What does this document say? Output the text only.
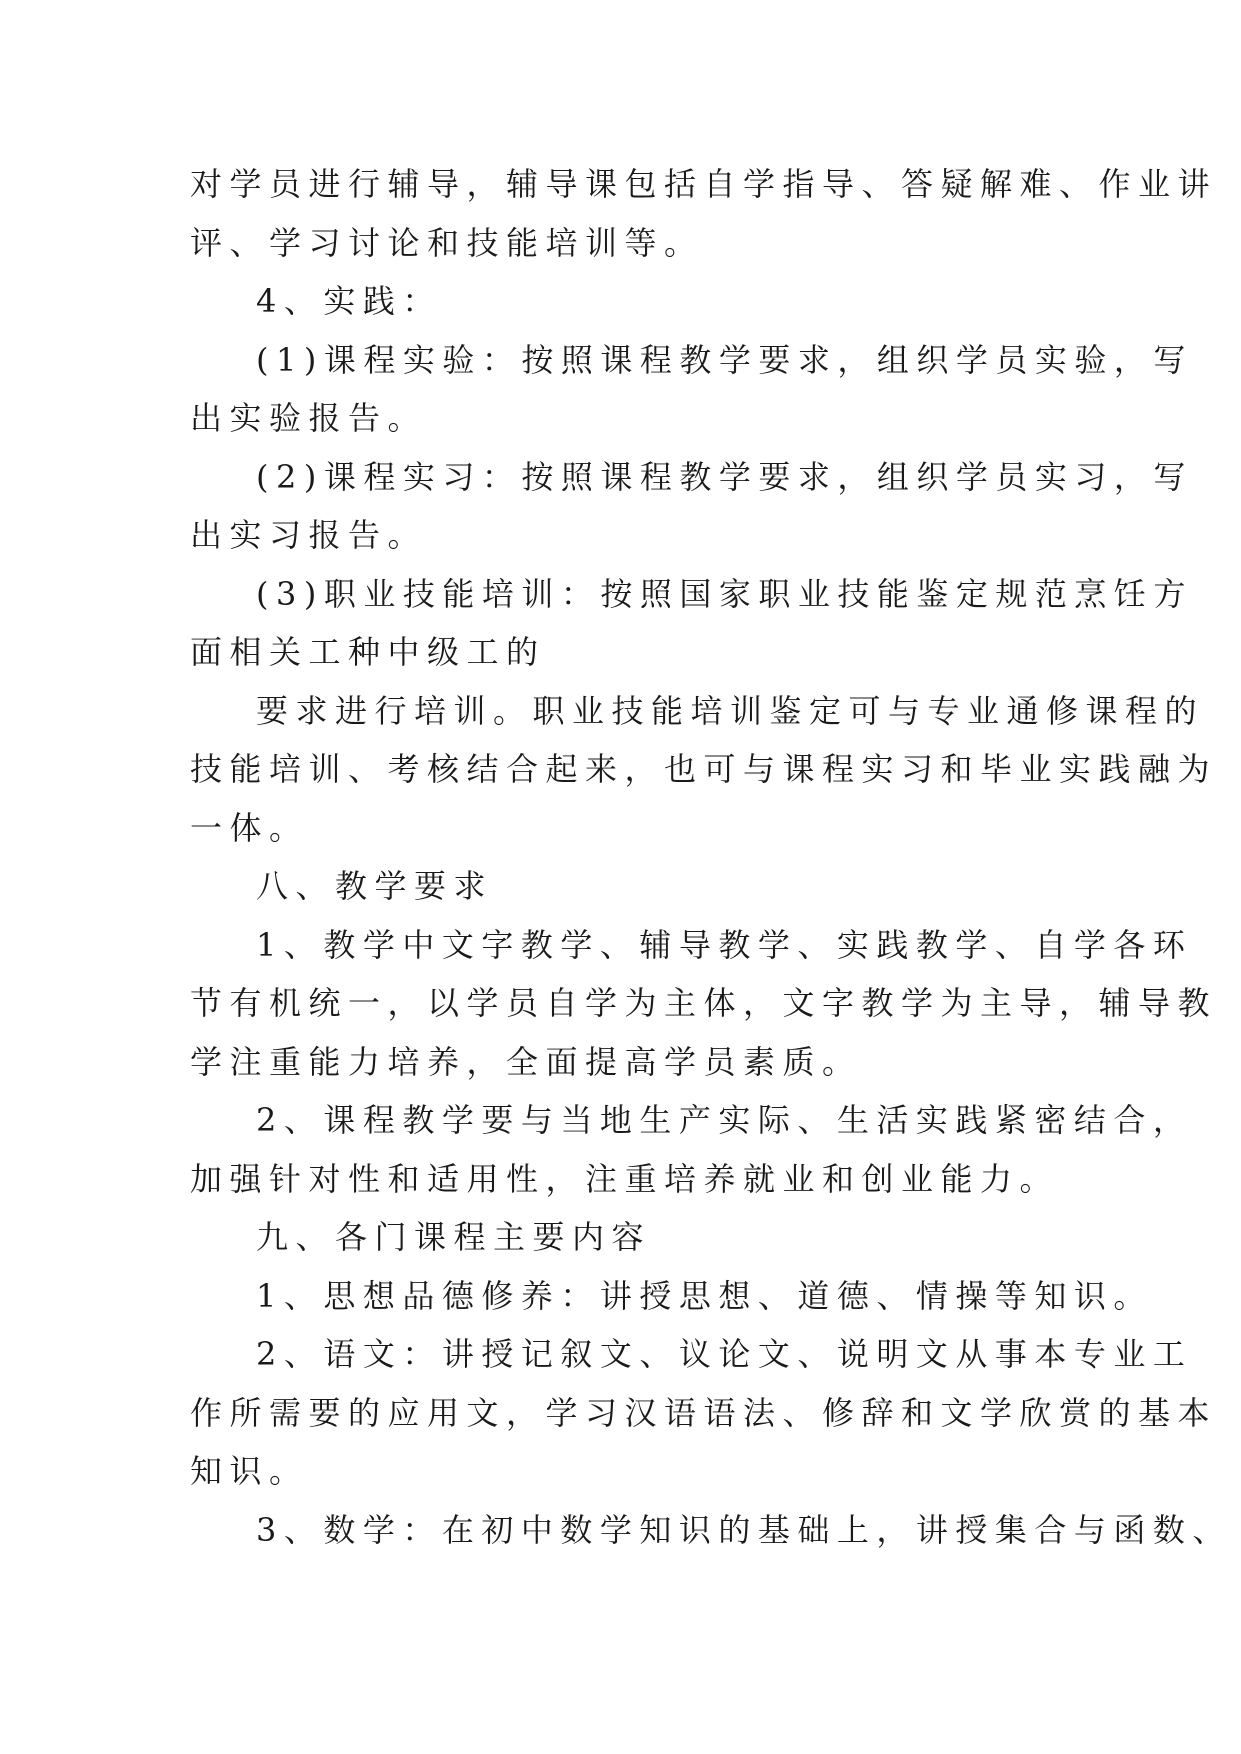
对学员进行辅导，辅导课包括自学指导、答疑解难、作业讲
评、学习讨论和技能培训等。
4、实践：
(1)课程实验：按照课程教学要求，组织学员实验，写
出实验报告。
(2)课程实习：按照课程教学要求，组织学员实习，写
出实习报告。
(3)职业技能培训：按照国家职业技能鉴定规范烹饪方
面相关工种中级工的
要求进行培训。职业技能培训鉴定可与专业通修课程的
技能培训、考核结合起来，也可与课程实习和毕业实践融为
一体。
八、教学要求
1、教学中文字教学、辅导教学、实践教学、自学各环
节有机统一，以学员自学为主体，文字教学为主导，辅导教
学注重能力培养，全面提高学员素质。
2、课程教学要与当地生产实际、生活实践紧密结合，
加强针对性和适用性，注重培养就业和创业能力。
九、各门课程主要内容
1、思想品德修养：讲授思想、道德、情操等知识。
2、语文：讲授记叙文、议论文、说明文从事本专业工
作所需要的应用文，学习汉语语法、修辞和文学欣赏的基本
知识。
3、数学：在初中数学知识的基础上，讲授集合与函数、
